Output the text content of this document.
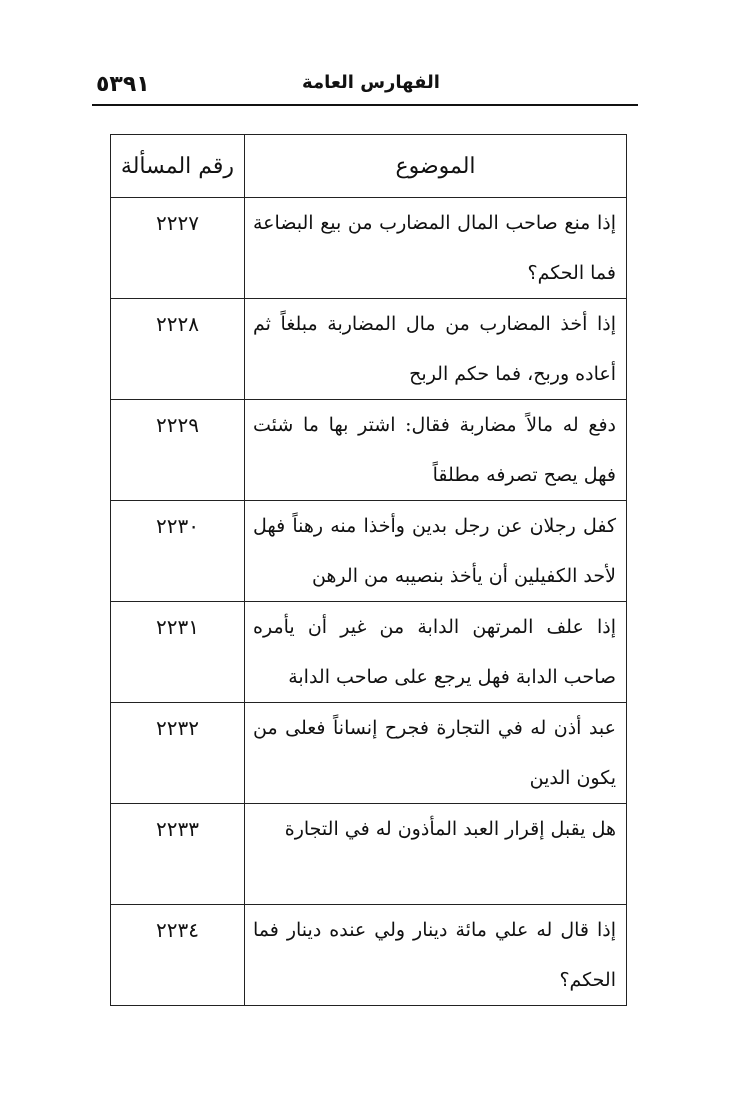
٥٣٩١	الفهارس العامة
الموضوع	رقم المسألة
إذا منع صاحب المال المضارب من بيع البضاعة فما الحكم؟	٢٢٢٧
إذا أخذ المضارب من مال المضاربة مبلغاً ثم أعاده وربح، فما حكم الربح	٢٢٢٨
دفع له مالاً مضاربة فقال: اشتر بها ما شئت فهل يصح تصرفه مطلقاً	٢٢٢٩
كفل رجلان عن رجل بدين وأخذا منه رهناً فهل لأحد الكفيلين أن يأخذ بنصيبه من الرهن	٢٢٣٠
إذا علف المرتهن الدابة من غير أن يأمره صاحب الدابة فهل يرجع على صاحب الدابة	٢٢٣١
عبد أذن له في التجارة فجرح إنساناً فعلى من يكون الدين	٢٢٣٢
هل يقبل إقرار العبد المأذون له في التجارة	٢٢٣٣
إذا قال له علي مائة دينار ولي عنده دينار فما الحكم؟	٢٢٣٤
